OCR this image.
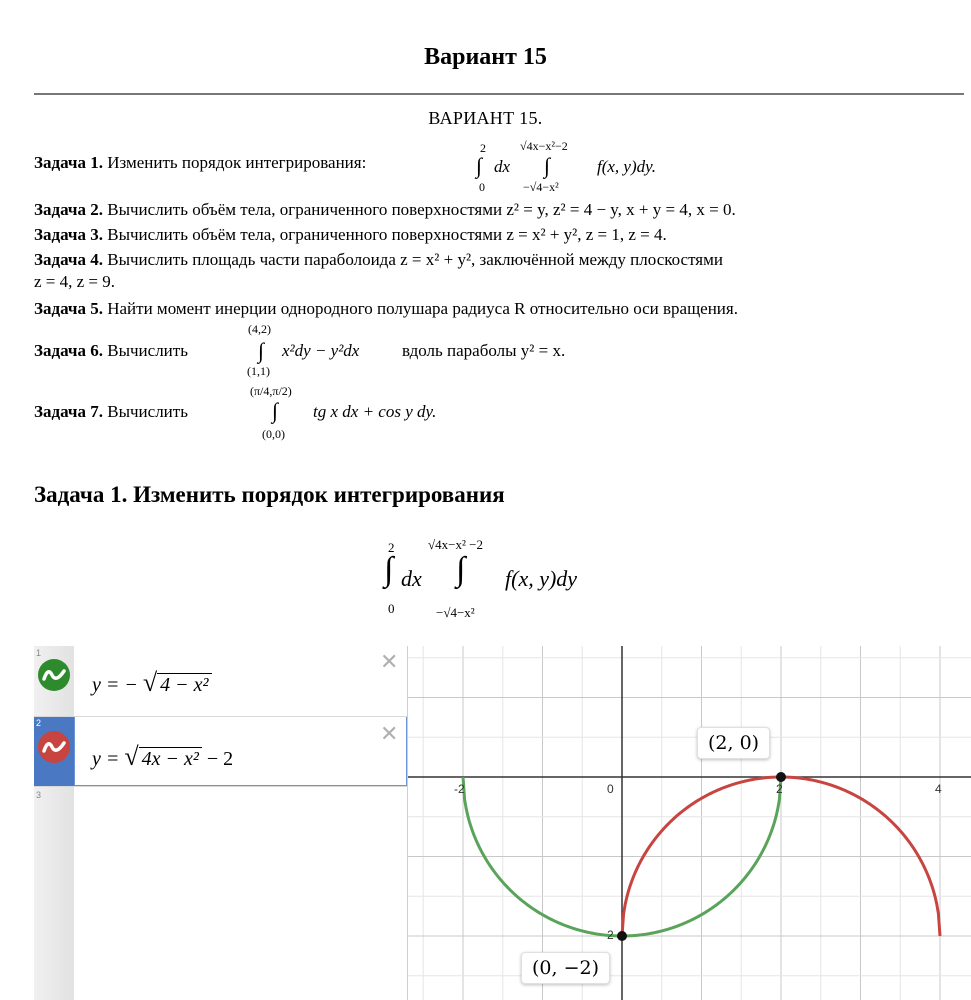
Вариант 15
ВАРИАНТ 15.
Задача 1. Изменить порядок интегрирования:
2
∫
0
dx
√4x−x²−2
∫
−√4−x²
f(x, y)dy.
Задача 2. Вычислить объём тела, ограниченного поверхностями z² = y, z² = 4 − y, x + y = 4, x = 0.
Задача 3. Вычислить объём тела, ограниченного поверхностями z = x² + y², z = 1, z = 4.
Задача 4. Вычислить площадь части параболоида z = x² + y², заключённой между плоскостями
z = 4, z = 9.
Задача 5. Найти момент инерции однородного полушара радиуса R относительно оси вращения.
Задача 6. Вычислить
(4,2)
∫
(1,1)
x²dy − y²dx	вдоль параболы y² = x.
Задача 7. Вычислить
(π/4,π/2)
∫
(0,0)
tg x dx + cos y dy.
Задача 1. Изменить порядок интегрирования
2
∫
0
dx
√4x−x² −2
∫
−√4−x²
f(x, y)dy
1
y = − √ 4 − x²
✕
2
y = √ 4x − x² − 2
✕
3	-2	0	2	4
2
(2, 0)
(0, −2)
